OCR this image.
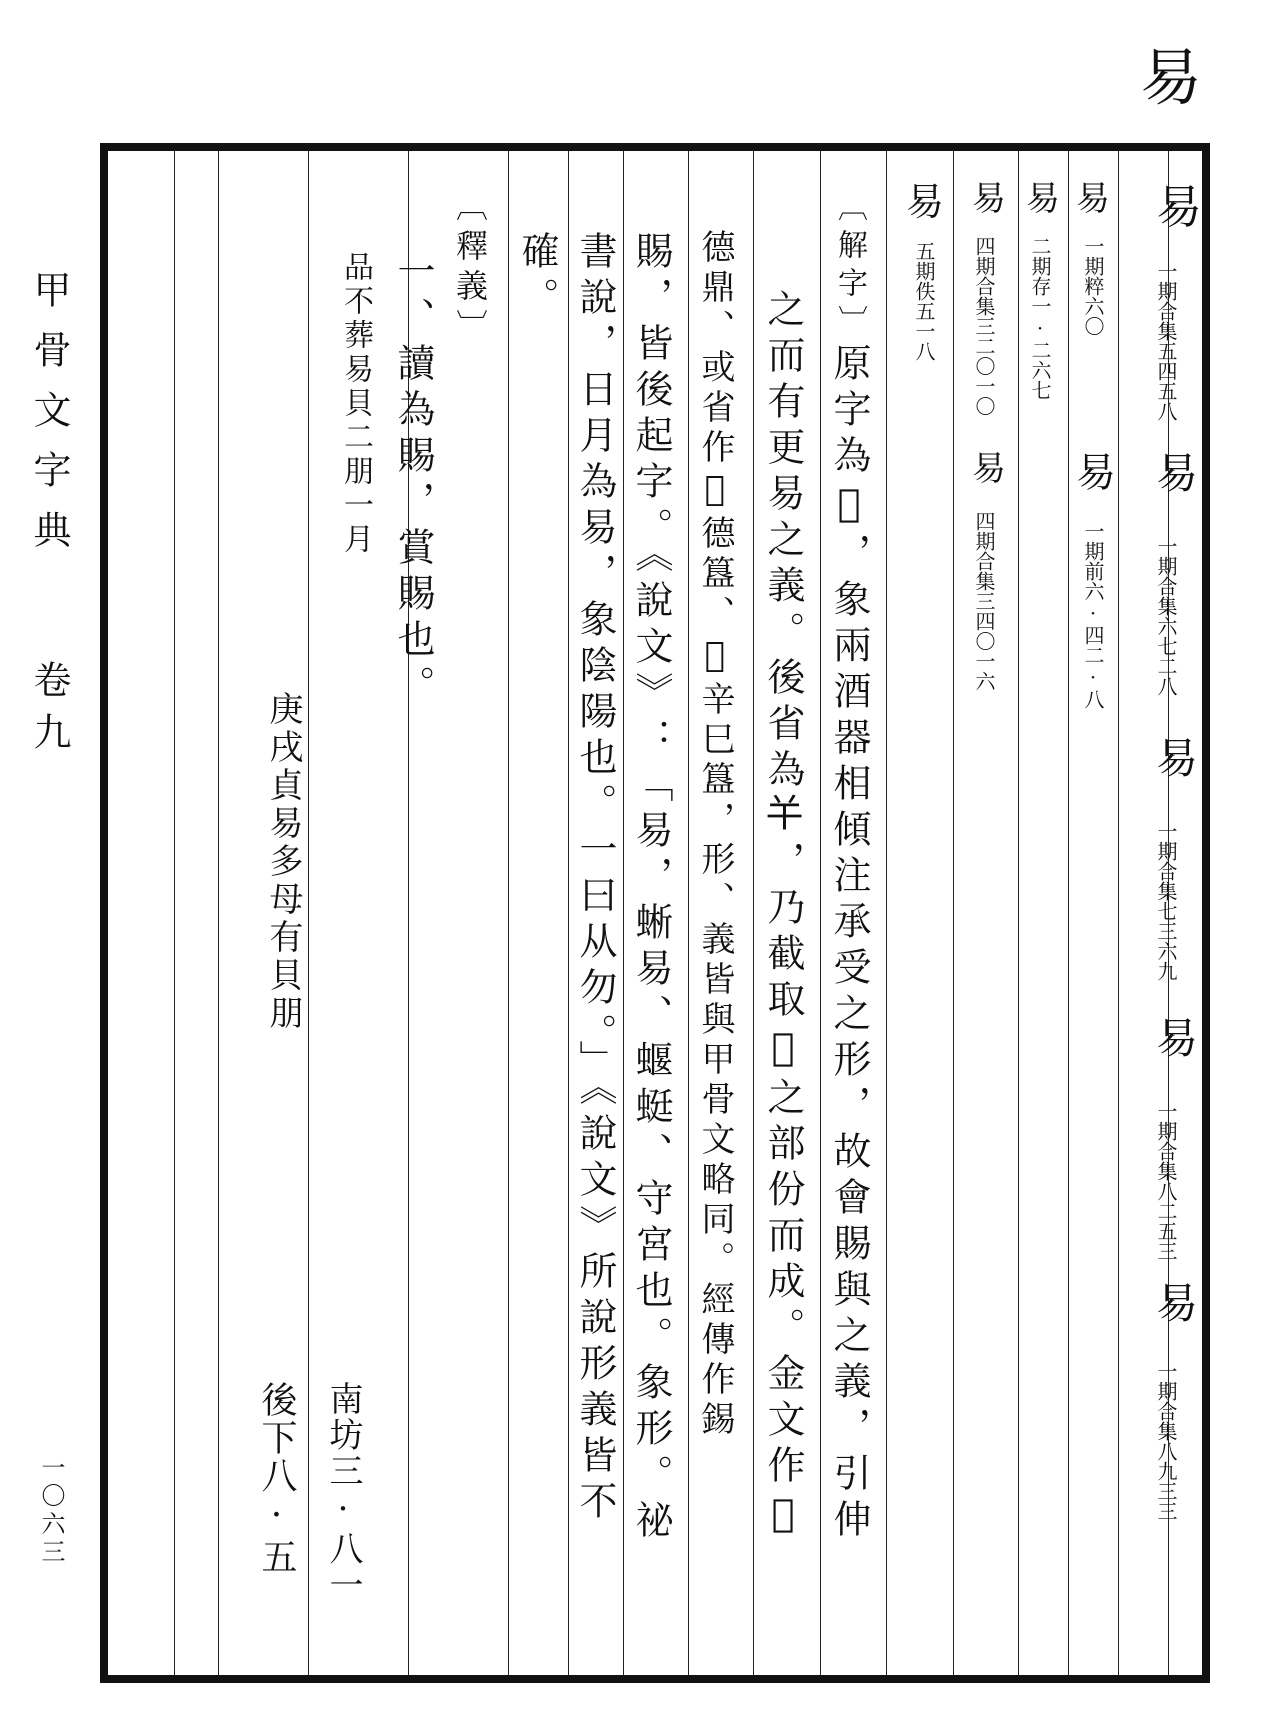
易
甲骨文字典
卷九
一〇六三
易
一期合集五四五八
易
一期合集六七二八
易
一期合集七三六九
易
一期合集八二五三
易
一期合集八九三三
易
一期粹六〇
易
一期前六·四二·八
易
二期存一·二六七
易
四期合集三二〇一〇
易
四期合集三四〇一六
易
五期佚五一八
〔解字〕原字為𢅲，象兩酒器相傾注承受之形，故會賜與之義，引伸
之而有更易之義。後省為𢆉，乃截取𢅲之部份而成。金文作𢇔
德鼎、或省作𢅲德簋、𢆉辛巳簋，形、義皆與甲骨文略同。經傳作錫
賜，皆後起字。《說文》：「易，蜥易、蝘蜓、守宮也。象形。祕
書說，日月為易，象陰陽也。一曰从勿。」《說文》所說形義皆不
確。
〔釋義〕
一、讀為賜，賞賜也。
品不葬易貝二朋一月
南坊三·八一
庚戌貞易多母有貝朋
後下八·五
